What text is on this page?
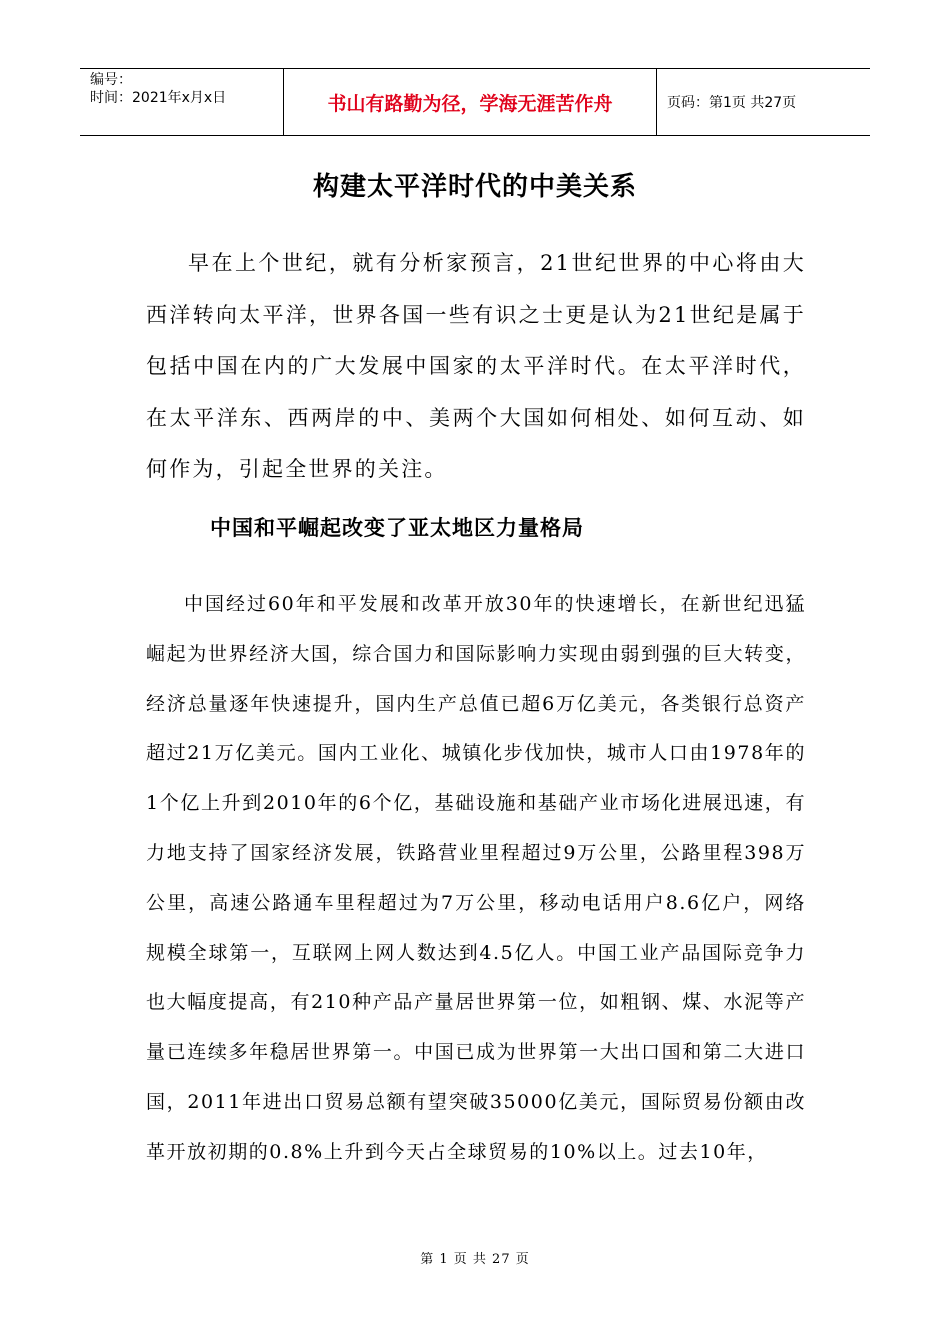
编号：
时间：2021年x月x日	书山有路勤为径，学海无涯苦作舟	页码：第1页 共27页
构建太平洋时代的中美关系

早在上个世纪，就有分析家预言，21世纪世界的中心将由大西洋转向太平洋，世界各国一些有识之士更是认为21世纪是属于包括中国在内的广大发展中国家的太平洋时代。在太平洋时代，在太平洋东、西两岸的中、美两个大国如何相处、如何互动、如何作为，引起全世界的关注。

中国和平崛起改变了亚太地区力量格局

中国经过60年和平发展和改革开放30年的快速增长，在新世纪迅猛崛起为世界经济大国，综合国力和国际影响力实现由弱到强的巨大转变，经济总量逐年快速提升，国内生产总值已超6万亿美元，各类银行总资产超过21万亿美元。国内工业化、城镇化步伐加快，城市人口由1978年的1个亿上升到2010年的6个亿，基础设施和基础产业市场化进展迅速，有力地支持了国家经济发展，铁路营业里程超过9万公里，公路里程398万公里，高速公路通车里程超过为7万公里，移动电话用户8.6亿户，网络规模全球第一，互联网上网人数达到4.5亿人。中国工业产品国际竞争力也大幅度提高，有210种产品产量居世界第一位，如粗钢、煤、水泥等产量已连续多年稳居世界第一。中国已成为世界第一大出口国和第二大进口国，2011年进出口贸易总额有望突破35000亿美元，国际贸易份额由改革开放初期的0.8%上升到今天占全球贸易的10%以上。过去10年，

第 1 页 共 27 页
